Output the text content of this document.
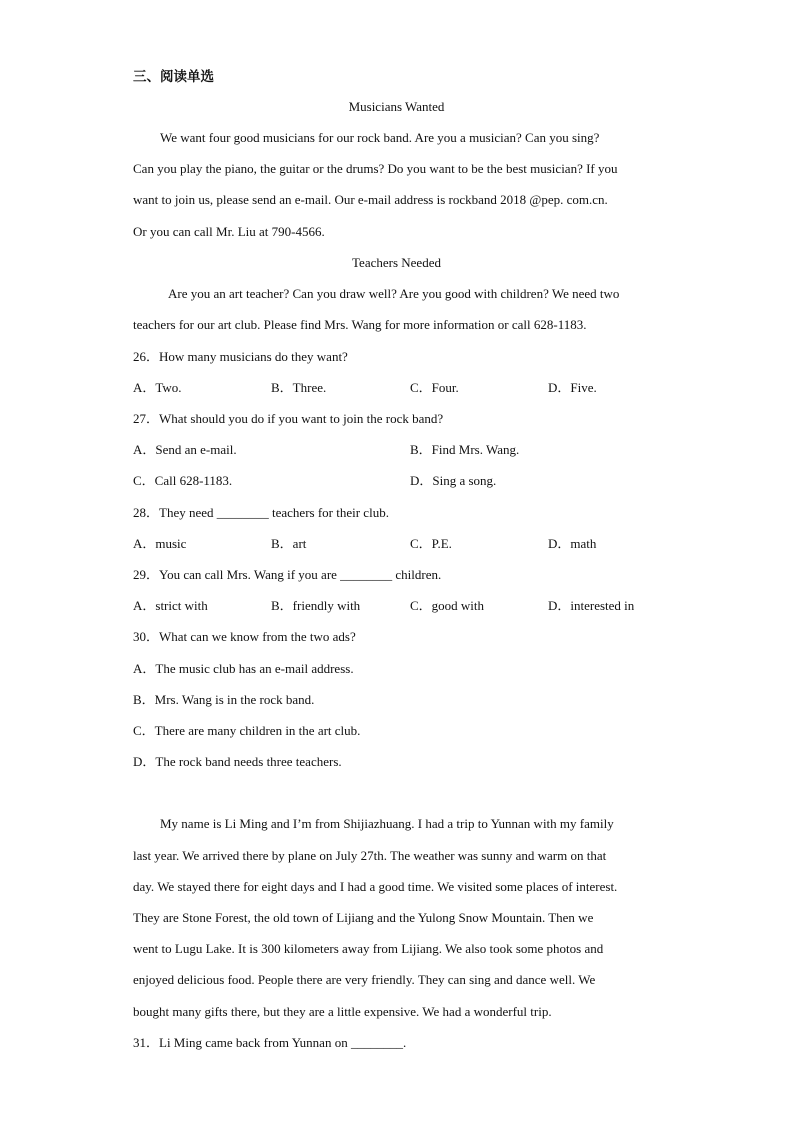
三、阅读单选
Musicians Wanted
We want four good musicians for our rock band. Are you a musician? Can you sing?
Can you play the piano, the guitar or the drums? Do you want to be the best musician? If you
want to join us, please send an e-mail. Our e-mail address is rockband 2018 @pep. com.cn.
Or you can call Mr. Liu at 790-4566.
Teachers Needed
Are you an art teacher? Can you draw well? Are you good with children? We need two
teachers for our art club. Please find Mrs. Wang for more information or call 628-1183.
26．How many musicians do they want?
A．Two.	B．Three.	C．Four.	D．Five.
27．What should you do if you want to join the rock band?
A．Send an e-mail.	B．Find Mrs. Wang.
C．Call 628-1183.	D．Sing a song.
28．They need ________ teachers for their club.
A．music	B．art	C．P.E.	D．math
29．You can call Mrs. Wang if you are ________ children.
A．strict with	B．friendly with	C．good with	D．interested in
30．What can we know from the two ads?
A．The music club has an e-mail address.
B．Mrs. Wang is in the rock band.
C．There are many children in the art club.
D．The rock band needs three teachers.
My name is Li Ming and I’m from Shijiazhuang. I had a trip to Yunnan with my family
last year. We arrived there by plane on July 27th. The weather was sunny and warm on that
day. We stayed there for eight days and I had a good time. We visited some places of interest.
They are Stone Forest, the old town of Lijiang and the Yulong Snow Mountain. Then we
went to Lugu Lake. It is 300 kilometers away from Lijiang. We also took some photos and
enjoyed delicious food. People there are very friendly. They can sing and dance well. We
bought many gifts there, but they are a little expensive. We had a wonderful trip.
31．Li Ming came back from Yunnan on ________.
